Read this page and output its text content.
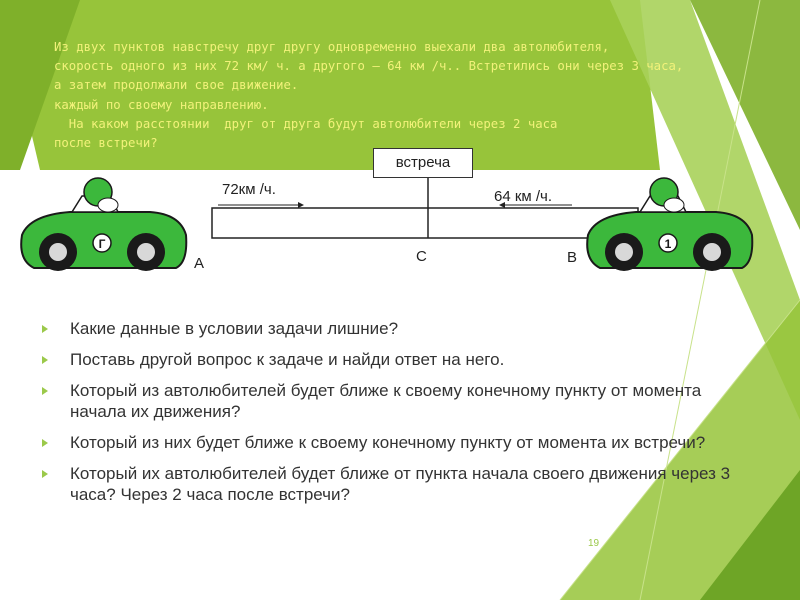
Из двух пунктов навстречу друг другу одновременно выехали два автолюбителя,
скорость одного из них 72 км/ ч. а другого – 64 км /ч.. Встретились они через 3 часа,
а затем продолжали свое движение.
каждый по своему направлению.
На каком расстоянии  друг от друга будут автолюбители через 2 часа
после встречи?
Г	1
встреча
72км /ч.	64 км /ч.
А	С	В
Какие данные в условии задачи лишние?
Поставь другой вопрос к задаче и найди ответ на него.
Который из автолюбителей будет ближе к своему конечному пункту от момента начала их движения?
Который из них будет ближе к своему конечному пункту от момента их встречи?
Который их автолюбителей будет ближе от пункта начала своего движения через 3 часа? Через 2 часа после встречи?
19
